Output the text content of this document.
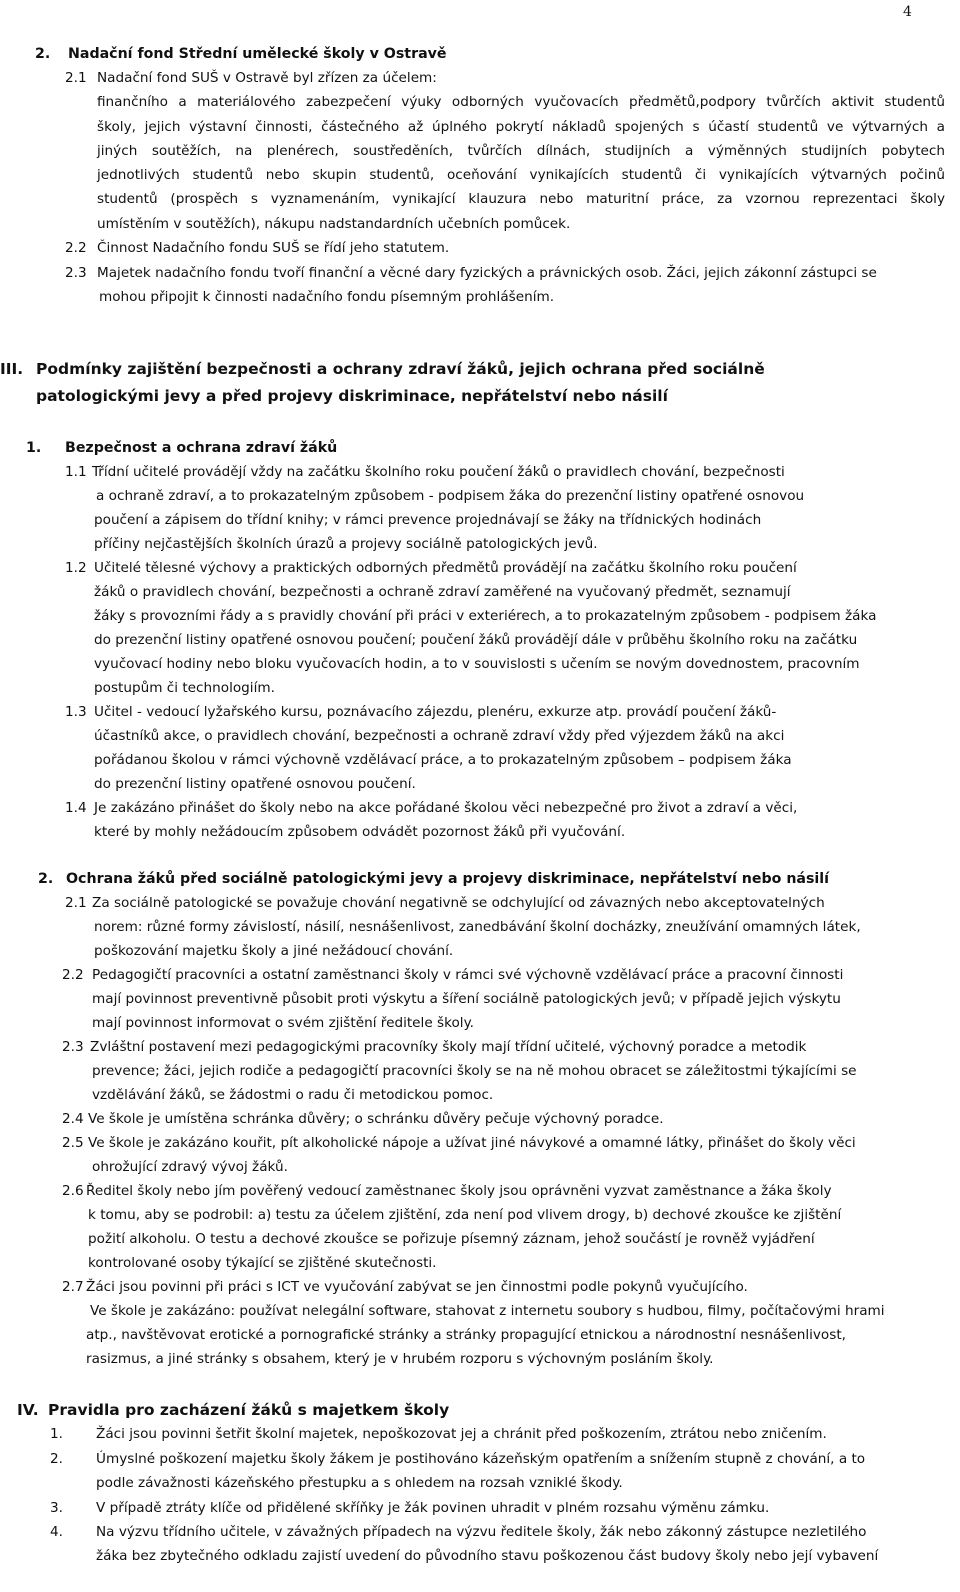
4
2. Nadační fond Střední umělecké školy v Ostravě
2.1 Nadační fond SUŠ v Ostravě byl zřízen za účelem:
finančního a materiálového zabezpečení výuky odborných vyučovacích předmětů,podpory tvůrčích aktivit studentů
školy, jejich výstavní činnosti, částečného až úplného pokrytí nákladů spojených s účastí studentů ve výtvarných a
jiných soutěžích, na plenérech, soustředěních, tvůrčích dílnách, studijních a výměnných studijních pobytech
jednotlivých studentů nebo skupin studentů, oceňování vynikajících studentů či vynikajících výtvarných počinů
studentů (prospěch s vyznamenáním, vynikající klauzura nebo maturitní práce, za vzornou reprezentaci školy
umístěním v soutěžích), nákupu nadstandardních učebních pomůcek.
2.2 Činnost Nadačního fondu SUŠ se řídí jeho statutem.
2.3 Majetek nadačního fondu tvoří finanční a věcné dary fyzických a právnických osob. Žáci, jejich zákonní zástupci se
mohou připojit k činnosti nadačního fondu písemným prohlášením.
III. Podmínky zajištění bezpečnosti a ochrany zdraví žáků, jejich ochrana před sociálně
patologickými jevy a před projevy diskriminace, nepřátelství nebo násilí
1. Bezpečnost a ochrana zdraví žáků
1.1 Třídní učitelé provádějí vždy na začátku školního roku poučení žáků o pravidlech chování, bezpečnosti
a ochraně zdraví, a to prokazatelným způsobem - podpisem žáka do prezenční listiny opatřené osnovou
poučení a zápisem do třídní knihy; v rámci prevence projednávají se žáky na třídnických hodinách
příčiny nejčastějších školních úrazů a projevy sociálně patologických jevů.
1.2 Učitelé tělesné výchovy a praktických odborných předmětů provádějí na začátku školního roku poučení
žáků o pravidlech chování, bezpečnosti a ochraně zdraví zaměřené na vyučovaný předmět, seznamují
žáky s provozními řády a s pravidly chování při práci v exteriérech, a to prokazatelným způsobem - podpisem žáka
do prezenční listiny opatřené osnovou poučení; poučení žáků provádějí dále v průběhu školního roku na začátku
vyučovací hodiny nebo bloku vyučovacích hodin, a to v souvislosti s učením se novým dovednostem, pracovním
postupům či technologiím.
1.3 Učitel - vedoucí lyžařského kursu, poznávacího zájezdu, plenéru, exkurze atp. provádí poučení žáků-
účastníků akce, o pravidlech chování, bezpečnosti a ochraně zdraví vždy před výjezdem žáků na akci
pořádanou školou v rámci výchovně vzdělávací práce, a to prokazatelným způsobem – podpisem žáka
do prezenční listiny opatřené osnovou poučení.
1.4 Je zakázáno přinášet do školy nebo na akce pořádané školou věci nebezpečné pro život a zdraví a věci,
které by mohly nežádoucím způsobem odvádět pozornost žáků při vyučování.
2. Ochrana žáků před sociálně patologickými jevy a projevy diskriminace, nepřátelství nebo násilí
2.1 Za sociálně patologické se považuje chování negativně se odchylující od závazných nebo akceptovatelných
norem: různé formy závislostí, násilí, nesnášenlivost, zanedbávání školní docházky, zneužívání omamných látek,
poškozování majetku školy a jiné nežádoucí chování.
2.2 Pedagogičtí pracovníci a ostatní zaměstnanci školy v rámci své výchovně vzdělávací práce a pracovní činnosti
mají povinnost preventivně působit proti výskytu a šíření sociálně patologických jevů; v případě jejich výskytu
mají povinnost informovat o svém zjištění ředitele školy.
2.3 Zvláštní postavení mezi pedagogickými pracovníky školy mají třídní učitelé, výchovný poradce a metodik
prevence; žáci, jejich rodiče a pedagogičtí pracovníci školy se na ně mohou obracet se záležitostmi týkajícími se
vzdělávání žáků, se žádostmi o radu či metodickou pomoc.
2.4 Ve škole je umístěna schránka důvěry; o schránku důvěry pečuje výchovný poradce.
2.5 Ve škole je zakázáno kouřit, pít alkoholické nápoje a užívat jiné návykové a omamné látky, přinášet do školy věci
ohrožující zdravý vývoj žáků.
2.6 Ředitel školy nebo jím pověřený vedoucí zaměstnanec školy jsou oprávněni vyzvat zaměstnance a žáka školy
k tomu, aby se podrobil: a) testu za účelem zjištění, zda není pod vlivem drogy, b) dechové zkoušce ke zjištění
požití alkoholu. O testu a dechové zkoušce se pořizuje písemný záznam, jehož součástí je rovněž vyjádření
kontrolované osoby týkající se zjištěné skutečnosti.
2.7 Žáci jsou povinni při práci s ICT ve vyučování zabývat se jen činnostmi podle pokynů vyučujícího.
Ve škole je zakázáno: používat nelegální software, stahovat z internetu soubory s hudbou, filmy, počítačovými hrami
atp., navštěvovat erotické a pornografické stránky a stránky propagující etnickou a národnostní nesnášenlivost,
rasizmus, a jiné stránky s obsahem, který je v hrubém rozporu s výchovným posláním školy.
IV. Pravidla pro zacházení žáků s majetkem školy
1. Žáci jsou povinni šetřit školní majetek, nepoškozovat jej a chránit před poškozením, ztrátou nebo zničením.
2. Úmyslné poškození majetku školy žákem je postihováno kázeňským opatřením a snížením stupně z chování, a to
podle závažnosti kázeňského přestupku a s ohledem na rozsah vzniklé škody.
3. V případě ztráty klíče od přidělené skříňky je žák povinen uhradit v plném rozsahu výměnu zámku.
4. Na výzvu třídního učitele, v závažných případech na výzvu ředitele školy, žák nebo zákonný zástupce nezletilého
žáka bez zbytečného odkladu zajistí uvedení do původního stavu poškozenou část budovy školy nebo její vybavení
